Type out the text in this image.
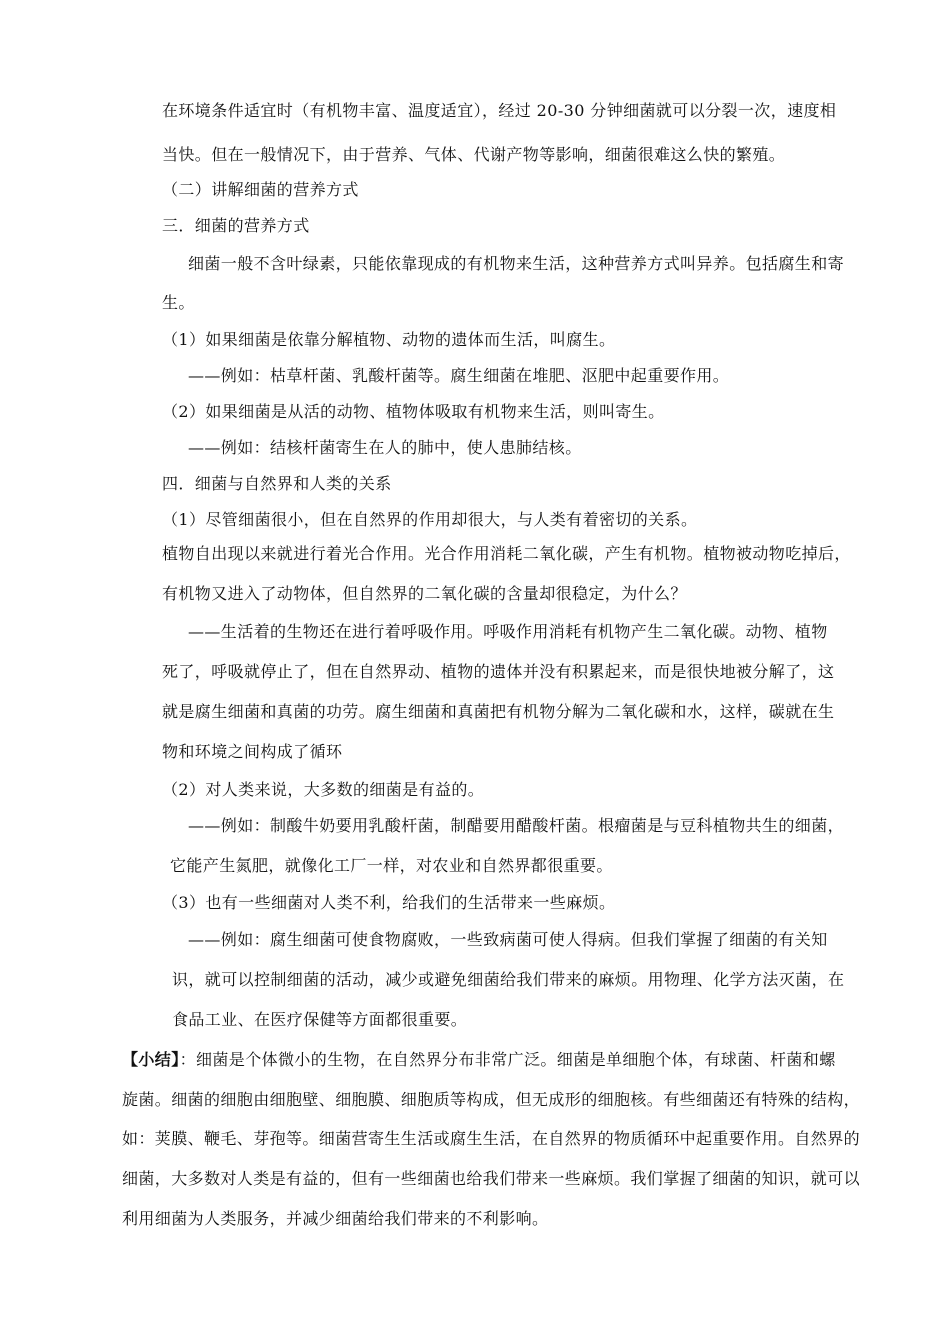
在环境条件适宜时（有机物丰富、温度适宜），经过 20-30 分钟细菌就可以分裂一次，速度相
当快。但在一般情况下，由于营养、气体、代谢产物等影响，细菌很难这么快的繁殖。
（二）讲解细菌的营养方式
三．细菌的营养方式
细菌一般不含叶绿素，只能依靠现成的有机物来生活，这种营养方式叫异养。包括腐生和寄
生。
（1）如果细菌是依靠分解植物、动物的遗体而生活，叫腐生。
——例如：枯草杆菌、乳酸杆菌等。腐生细菌在堆肥、沤肥中起重要作用。
（2）如果细菌是从活的动物、植物体吸取有机物来生活，则叫寄生。
——例如：结核杆菌寄生在人的肺中，使人患肺结核。
四．细菌与自然界和人类的关系
（1）尽管细菌很小，但在自然界的作用却很大，与人类有着密切的关系。
植物自出现以来就进行着光合作用。光合作用消耗二氧化碳，产生有机物。植物被动物吃掉后，
有机物又进入了动物体，但自然界的二氧化碳的含量却很稳定，为什么？
——生活着的生物还在进行着呼吸作用。呼吸作用消耗有机物产生二氧化碳。动物、植物
死了，呼吸就停止了，但在自然界动、植物的遗体并没有积累起来，而是很快地被分解了，这
就是腐生细菌和真菌的功劳。腐生细菌和真菌把有机物分解为二氧化碳和水，这样，碳就在生
物和环境之间构成了循环
（2）对人类来说，大多数的细菌是有益的。
——例如：制酸牛奶要用乳酸杆菌，制醋要用醋酸杆菌。根瘤菌是与豆科植物共生的细菌，
它能产生氮肥，就像化工厂一样，对农业和自然界都很重要。
（3）也有一些细菌对人类不利，给我们的生活带来一些麻烦。
——例如：腐生细菌可使食物腐败，一些致病菌可使人得病。但我们掌握了细菌的有关知
识，就可以控制细菌的活动，减少或避免细菌给我们带来的麻烦。用物理、化学方法灭菌，在
食品工业、在医疗保健等方面都很重要。
【小结】：细菌是个体微小的生物，在自然界分布非常广泛。细菌是单细胞个体，有球菌、杆菌和螺
旋菌。细菌的细胞由细胞壁、细胞膜、细胞质等构成，但无成形的细胞核。有些细菌还有特殊的结构，
如：荚膜、鞭毛、芽孢等。细菌营寄生生活或腐生生活，在自然界的物质循环中起重要作用。自然界的
细菌，大多数对人类是有益的，但有一些细菌也给我们带来一些麻烦。我们掌握了细菌的知识，就可以
利用细菌为人类服务，并减少细菌给我们带来的不利影响。
